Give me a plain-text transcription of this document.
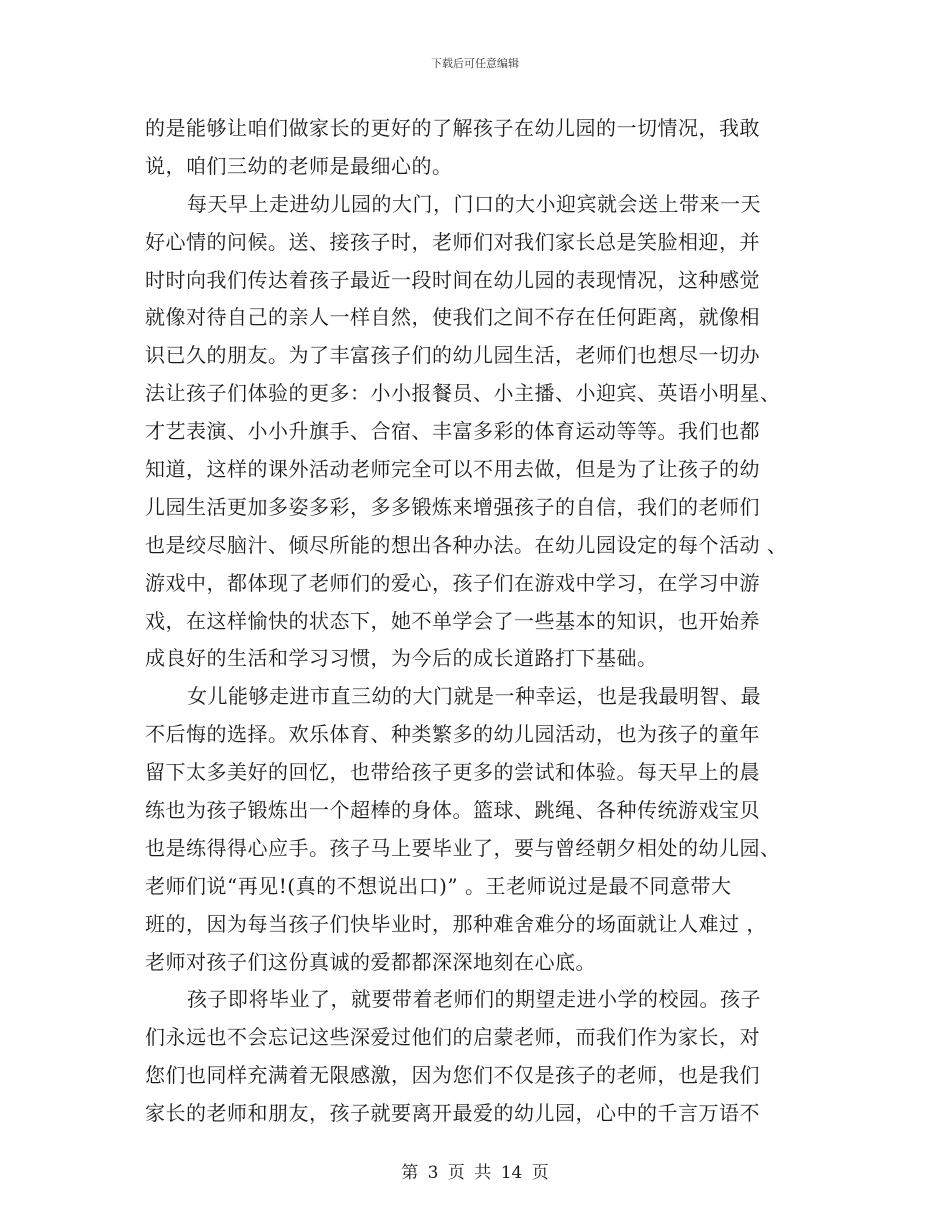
下载后可任意编辑
的是能够让咱们做家长的更好的了解孩子在幼儿园的一切情况，我敢
说，咱们三幼的老师是最细心的。
每天早上走进幼儿园的大门，门口的大小迎宾就会送上带来一天
好心情的问候。送、接孩子时，老师们对我们家长总是笑脸相迎，并
时时向我们传达着孩子最近一段时间在幼儿园的表现情况，这种感觉
就像对待自己的亲人一样自然，使我们之间不存在任何距离，就像相
识已久的朋友。为了丰富孩子们的幼儿园生活，老师们也想尽一切办
法让孩子们体验的更多：小小报餐员、小主播、小迎宾、英语小明星、
才艺表演、小小升旗手、合宿、丰富多彩的体育运动等等。我们也都
知道，这样的课外活动老师完全可以不用去做，但是为了让孩子的幼
儿园生活更加多姿多彩，多多锻炼来增强孩子的自信，我们的老师们
也是绞尽脑汁、倾尽所能的想出各种办法。在幼儿园设定的每个活动 、
游戏中，都体现了老师们的爱心，孩子们在游戏中学习，在学习中游
戏，在这样愉快的状态下，她不单学会了一些基本的知识，也开始养
成良好的生活和学习习惯，为今后的成长道路打下基础。
女儿能够走进市直三幼的大门就是一种幸运，也是我最明智、最
不后悔的选择。欢乐体育、种类繁多的幼儿园活动，也为孩子的童年
留下太多美好的回忆，也带给孩子更多的尝试和体验。每天早上的晨
练也为孩子锻炼出一个超棒的身体。篮球、跳绳、各种传统游戏宝贝
也是练得得心应手。孩子马上要毕业了，要与曾经朝夕相处的幼儿园、
老师们说“再见!(真的不想说出口)” 。王老师说过是最不同意带大
班的，因为每当孩子们快毕业时，那种难舍难分的场面就让人难过 ，
老师对孩子们这份真诚的爱都都深深地刻在心底。
孩子即将毕业了，就要带着老师们的期望走进小学的校园。孩子
们永远也不会忘记这些深爱过他们的启蒙老师，而我们作为家长，对
您们也同样充满着无限感激，因为您们不仅是孩子的老师，也是我们
家长的老师和朋友，孩子就要离开最爱的幼儿园，心中的千言万语不
第 3 页 共 14 页
